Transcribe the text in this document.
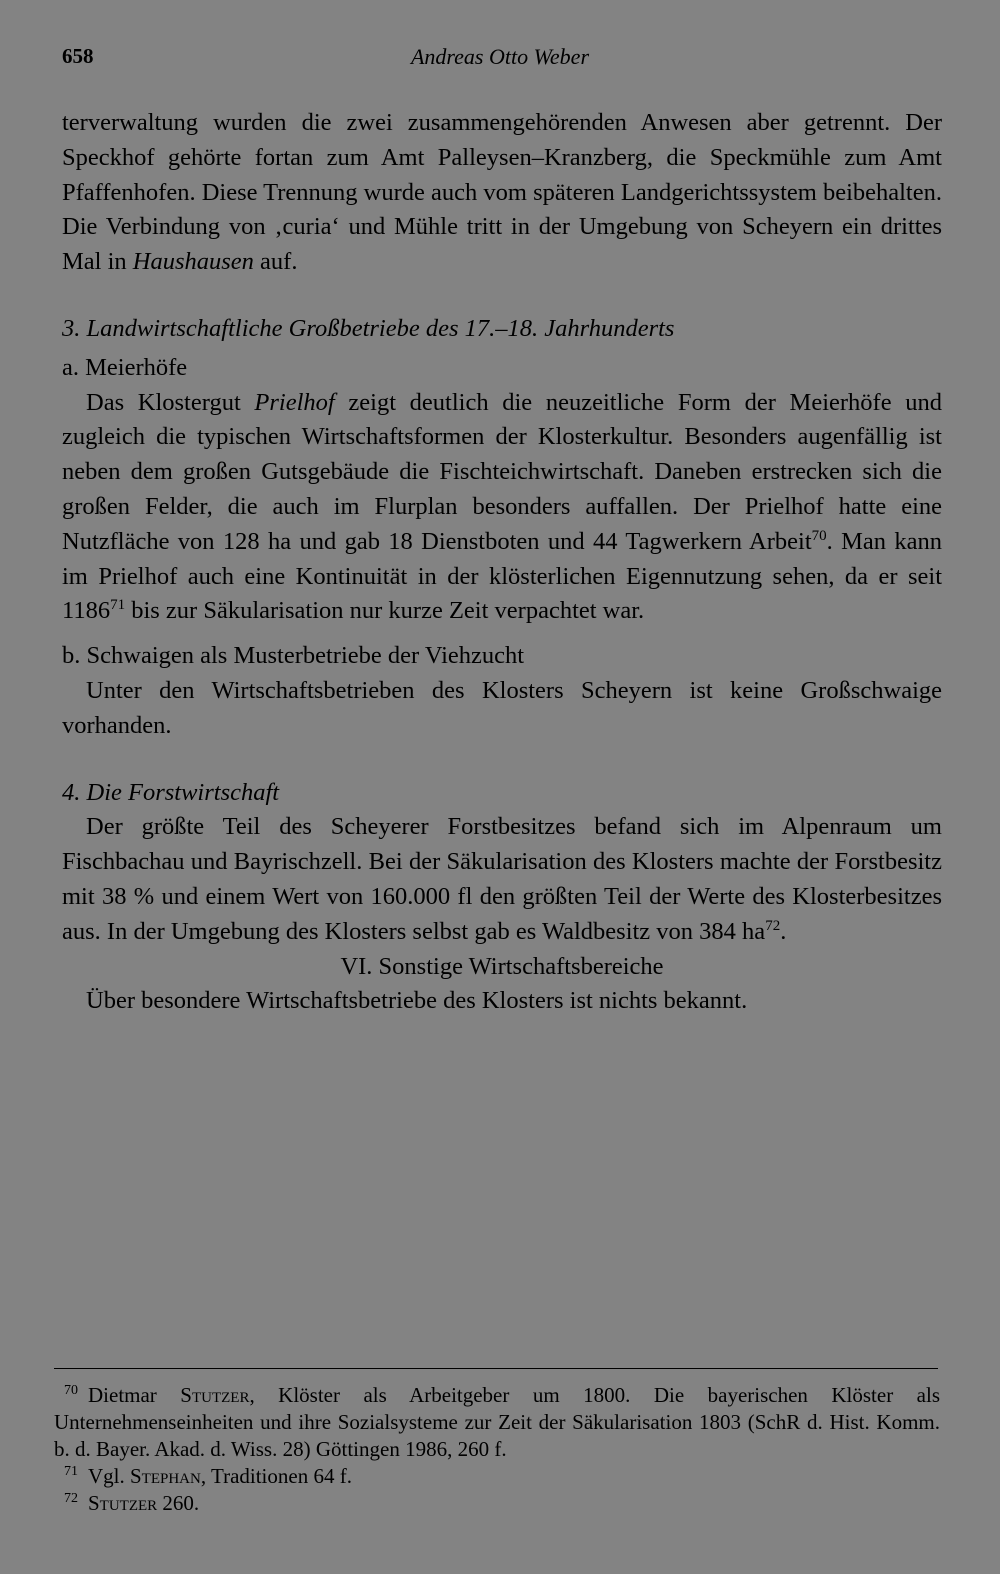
658	Andreas Otto Weber

terverwaltung wurden die zwei zusammengehörenden Anwesen aber getrennt. Der Speckhof gehörte fortan zum Amt Palleysen–Kranzberg, die Speckmühle zum Amt Pfaffenhofen. Diese Trennung wurde auch vom späteren Landgerichtssystem beibehalten. Die Verbindung von ‚curia‘ und Mühle tritt in der Umgebung von Scheyern ein drittes Mal in Haushausen auf.

3. Landwirtschaftliche Großbetriebe des 17.–18. Jahrhunderts

a. Meierhöfe

Das Klostergut Prielhof zeigt deutlich die neuzeitliche Form der Meierhöfe und zugleich die typischen Wirtschaftsformen der Klosterkultur. Besonders augenfällig ist neben dem großen Gutsgebäude die Fischteichwirtschaft. Daneben erstrecken sich die großen Felder, die auch im Flurplan besonders auffallen. Der Prielhof hatte eine Nutzfläche von 128 ha und gab 18 Dienstboten und 44 Tagwerkern Arbeit$^{70}$. Man kann im Prielhof auch eine Kontinuität in der klösterlichen Eigennutzung sehen, da er seit 1186$^{71}$ bis zur Säkularisation nur kurze Zeit verpachtet war.

b. Schwaigen als Musterbetriebe der Viehzucht

Unter den Wirtschaftsbetrieben des Klosters Scheyern ist keine Großschwaige vorhanden.

4. Die Forstwirtschaft

Der größte Teil des Scheyerer Forstbesitzes befand sich im Alpenraum um Fischbachau und Bayrischzell. Bei der Säkularisation des Klosters machte der Forstbesitz mit 38 % und einem Wert von 160.000 fl den größten Teil der Werte des Klosterbesitzes aus. In der Umgebung des Klosters selbst gab es Waldbesitz von 384 $ha^{72}$.

VI. Sonstige Wirtschaftsbereiche

Über besondere Wirtschaftsbetriebe des Klosters ist nichts bekannt.

$^{70}$ Dietmar Stutzer, Klöster als Arbeitgeber um 1800. Die bayerischen Klöster als Unternehmenseinheiten und ihre Sozialsysteme zur Zeit der Säkularisation 1803 (SchR d. Hist. Komm. b. d. Bayer. Akad. d. Wiss. 28) Göttingen 1986, 260 f.

$^{71}$ Vgl. Stephan, Traditionen 64 f.

$^{72}$ Stutzer 260.
